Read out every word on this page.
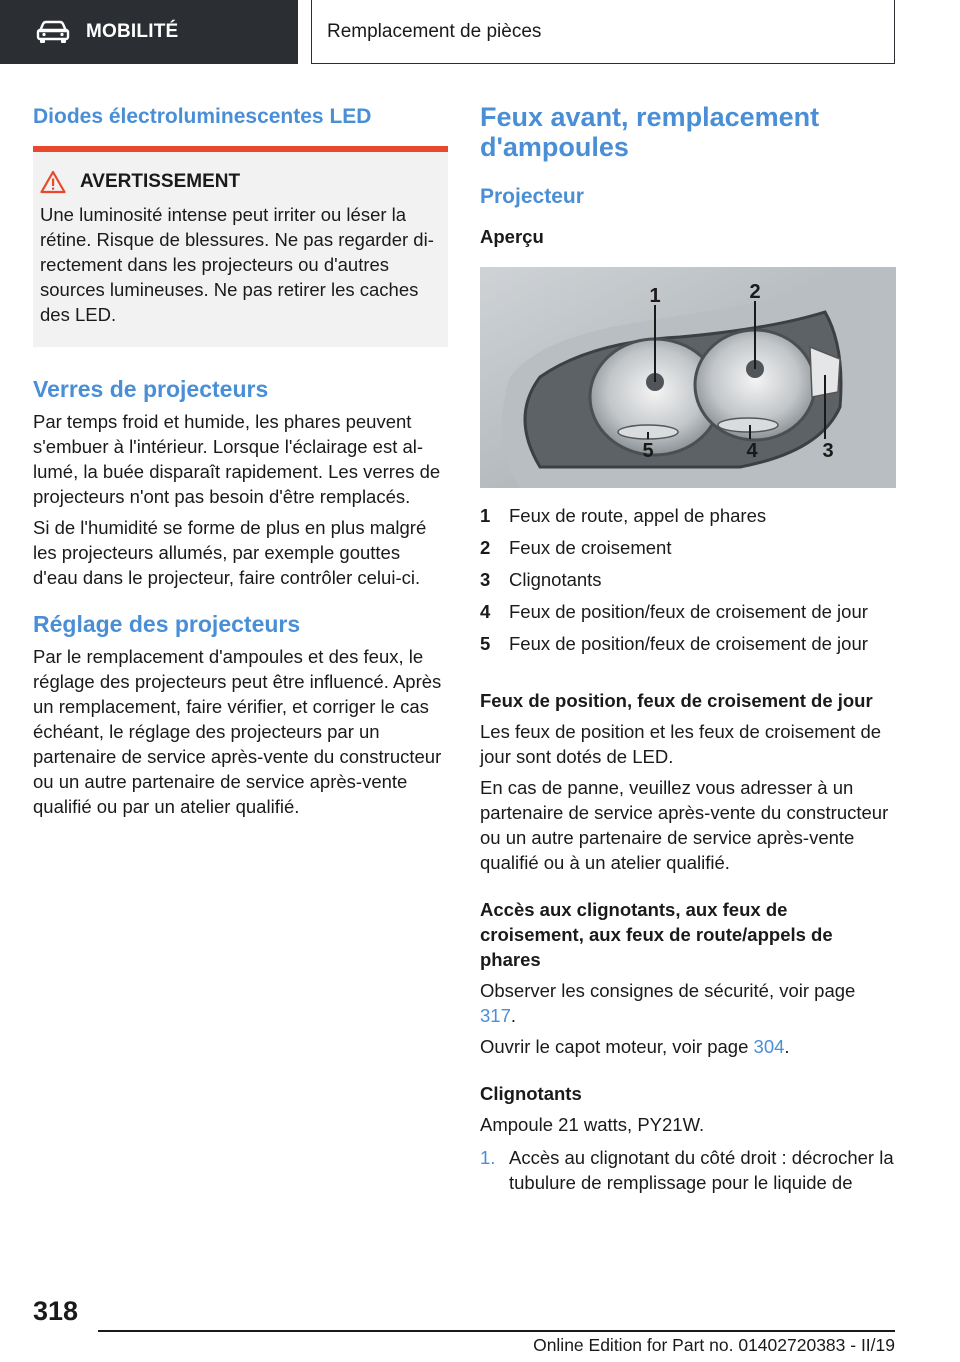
MOBILITÉ	Remplacement de pièces
Diodes électroluminescentes LED
AVERTISSEMENT

Une luminosité intense peut irriter ou léser la rétine. Risque de blessures. Ne pas regarder directement dans les projecteurs ou d'autres sources lumineuses. Ne pas retirer les caches des LED.

Verres de projecteurs

Par temps froid et humide, les phares peuvent s'embuer à l'intérieur. Lorsque l'éclairage est allumé, la buée disparaît rapidement. Les verres de projecteurs n'ont pas besoin d'être remplacés.

Si de l'humidité se forme de plus en plus malgré les projecteurs allumés, par exemple gouttes d'eau dans le projecteur, faire contrôler celui-ci.

Réglage des projecteurs

Par le remplacement d'ampoules et des feux, le réglage des projecteurs peut être influencé. Après un remplacement, faire vérifier, et corriger le cas échéant, le réglage des projecteurs par un partenaire de service après-vente du constructeur ou un autre partenaire de service après-vente qualifié ou par un atelier qualifié.

Feux avant, remplacement d'ampoules
Projecteur
Aperçu
1	2
3
4
5
1	Feux de route, appel de phares
2	Feux de croisement
3	Clignotants
4	Feux de position/feux de croisement de jour
5	Feux de position/feux de croisement de jour
Feux de position, feux de croisement de jour

Les feux de position et les feux de croisement de jour sont dotés de LED.

En cas de panne, veuillez vous adresser à un partenaire de service après-vente du constructeur ou un autre partenaire de service après-vente qualifié ou à un atelier qualifié.

Accès aux clignotants, aux feux de croisement, aux feux de route/appels de phares

Observer les consignes de sécurité, voir page 317.

Ouvrir le capot moteur, voir page 304.

Clignotants

Ampoule 21 watts, PY21W.

1. Accès au clignotant du côté droit : décrocher la tubulure de remplissage pour le liquide de
318
Online Edition for Part no. 01402720383 - II/19
